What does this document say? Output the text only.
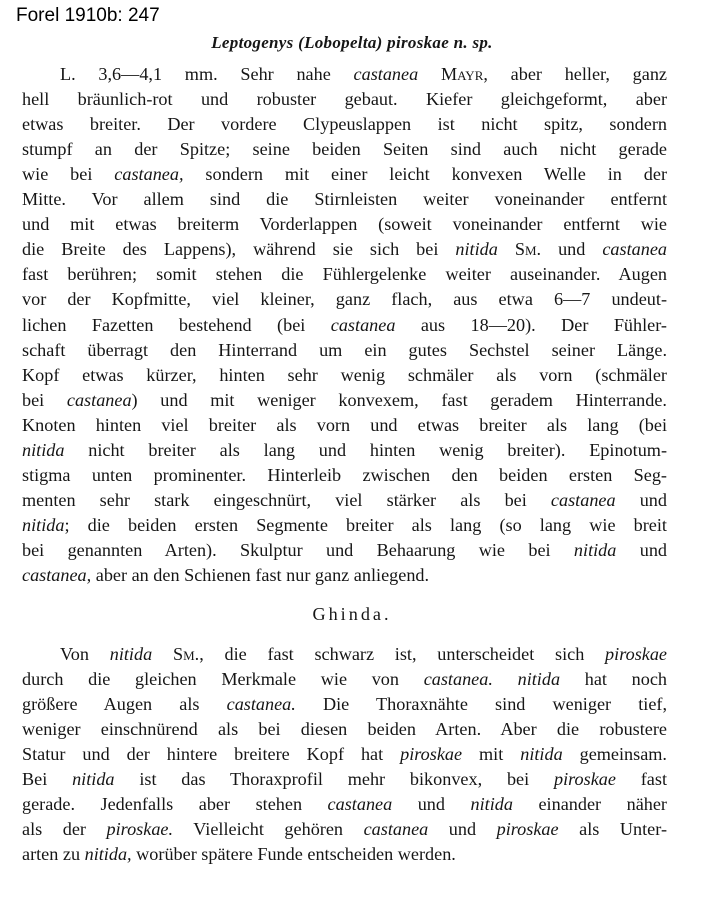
Forel 1910b: 247
Leptogenys (Lobopelta) piroskae n. sp.
L. 3,6—4,1 mm. Sehr nahe castanea Mayr, aber heller, ganz
hell bräunlich-rot und robuster gebaut. Kiefer gleichgeformt, aber
etwas breiter. Der vordere Clypeuslappen ist nicht spitz, sondern
stumpf an der Spitze; seine beiden Seiten sind auch nicht gerade
wie bei castanea, sondern mit einer leicht konvexen Welle in der
Mitte. Vor allem sind die Stirnleisten weiter voneinander entfernt
und mit etwas breiterm Vorderlappen (soweit voneinander entfernt wie
die Breite des Lappens), während sie sich bei nitida Sm. und castanea
fast berühren; somit stehen die Fühlergelenke weiter auseinander. Augen
vor der Kopfmitte, viel kleiner, ganz flach, aus etwa 6—7 undeut-
lichen Fazetten bestehend (bei castanea aus 18—20). Der Fühler-
schaft überragt den Hinterrand um ein gutes Sechstel seiner Länge.
Kopf etwas kürzer, hinten sehr wenig schmäler als vorn (schmäler
bei castanea) und mit weniger konvexem, fast geradem Hinterrande.
Knoten hinten viel breiter als vorn und etwas breiter als lang (bei
nitida nicht breiter als lang und hinten wenig breiter). Epinotum-
stigma unten prominenter. Hinterleib zwischen den beiden ersten Seg-
menten sehr stark eingeschnürt, viel stärker als bei castanea und
nitida; die beiden ersten Segmente breiter als lang (so lang wie breit
bei genannten Arten). Skulptur und Behaarung wie bei nitida und
castanea, aber an den Schienen fast nur ganz anliegend.
Ghinda.
Von nitida Sm., die fast schwarz ist, unterscheidet sich piroskae
durch die gleichen Merkmale wie von castanea. nitida hat noch
größere Augen als castanea. Die Thoraxnähte sind weniger tief,
weniger einschnürend als bei diesen beiden Arten. Aber die robustere
Statur und der hintere breitere Kopf hat piroskae mit nitida gemeinsam.
Bei nitida ist das Thoraxprofil mehr bikonvex, bei piroskae fast
gerade. Jedenfalls aber stehen castanea und nitida einander näher
als der piroskae. Vielleicht gehören castanea und piroskae als Unter-
arten zu nitida, worüber spätere Funde entscheiden werden.
